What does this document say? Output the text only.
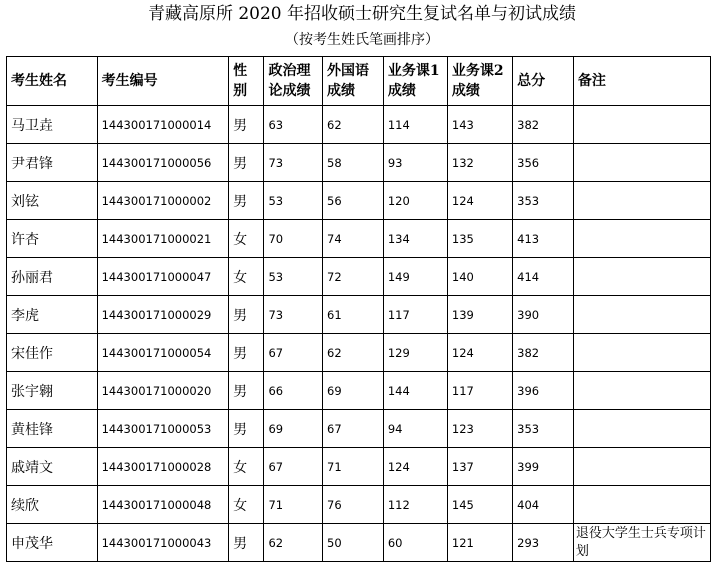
青藏高原所 2020 年招收硕士研究生复试名单与初试成绩
（按考生姓氏笔画排序）
考生姓名	考生编号	性别	政治理论成绩	外国语成绩	业务课1成绩	业务课2成绩	总分	备注
马卫垚	144300171000014	男	63	62	114	143	382	
尹君锋	144300171000056	男	73	58	93	132	356	
刘铉	144300171000002	男	53	56	120	124	353	
许杏	144300171000021	女	70	74	134	135	413	
孙丽君	144300171000047	女	53	72	149	140	414	
李虎	144300171000029	男	73	61	117	139	390	
宋佳作	144300171000054	男	67	62	129	124	382	
张宇翱	144300171000020	男	66	69	144	117	396	
黄桂锋	144300171000053	男	69	67	94	123	353	
戚靖文	144300171000028	女	67	71	124	137	399	
续欣	144300171000048	女	71	76	112	145	404	
申茂华	144300171000043	男	62	50	60	121	293	退役大学生士兵专项计划
